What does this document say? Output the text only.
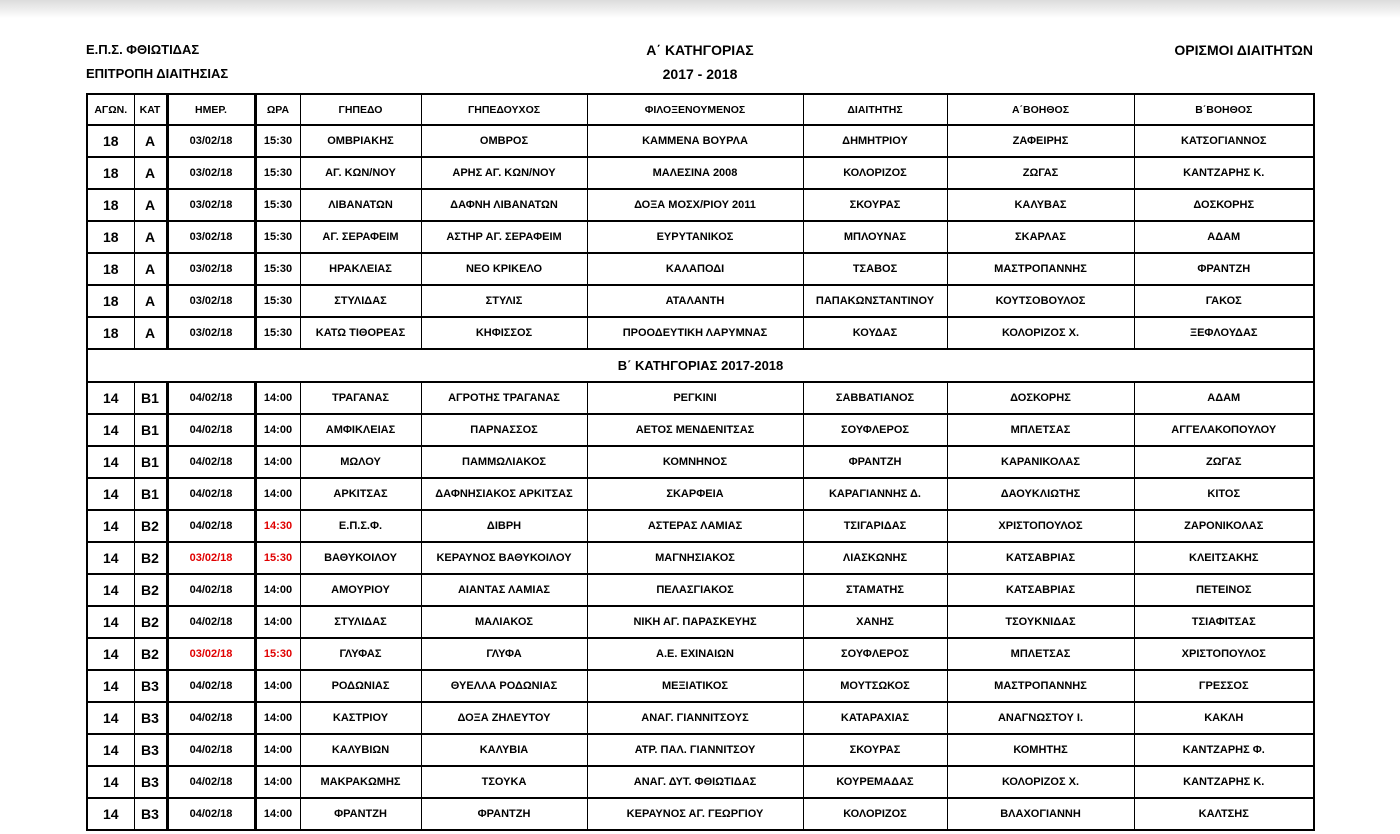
Ε.Π.Σ. ΦΘΙΩΤΙΔΑΣ
ΕΠΙΤΡΟΠΗ ΔΙΑΙΤΗΣΙΑΣ
Α΄ ΚΑΤΗΓΟΡΙΑΣ
2017 - 2018
ΟΡΙΣΜΟΙ ΔΙΑΙΤΗΤΩΝ
ΑΓΩΝ.	ΚΑΤ	ΗΜΕΡ.	ΩΡΑ	ΓΗΠΕΔΟ	ΓΗΠΕΔΟΥΧΟΣ	ΦΙΛΟΞΕΝΟΥΜΕΝΟΣ	ΔΙΑΙΤΗΤΗΣ	Α΄ΒΟΗΘΟΣ	Β΄ΒΟΗΘΟΣ
18	Α	03/02/18	15:30	ΟΜΒΡΙΑΚΗΣ	ΟΜΒΡΟΣ	ΚΑΜΜΕΝΑ ΒΟΥΡΛΑ	ΔΗΜΗΤΡΙΟΥ	ΖΑΦΕΙΡΗΣ	ΚΑΤΣΟΓΙΑΝΝΟΣ
18	Α	03/02/18	15:30	ΑΓ. ΚΩΝ/ΝΟΥ	ΑΡΗΣ ΑΓ. ΚΩΝ/ΝΟΥ	ΜΑΛΕΣΙΝΑ 2008	ΚΟΛΟΡΙΖΟΣ	ΖΩΓΑΣ	ΚΑΝΤΖΑΡΗΣ Κ.
18	Α	03/02/18	15:30	ΛΙΒΑΝΑΤΩΝ	ΔΑΦΝΗ ΛΙΒΑΝΑΤΩΝ	ΔΟΞΑ ΜΟΣΧ/ΡΙΟΥ 2011	ΣΚΟΥΡΑΣ	ΚΑΛΥΒΑΣ	ΔΟΣΚΟΡΗΣ
18	Α	03/02/18	15:30	ΑΓ. ΣΕΡΑΦΕΙΜ	ΑΣΤΗΡ ΑΓ. ΣΕΡΑΦΕΙΜ	ΕΥΡΥΤΑΝΙΚΟΣ	ΜΠΛΟΥΝΑΣ	ΣΚΑΡΛΑΣ	ΑΔΑΜ
18	Α	03/02/18	15:30	ΗΡΑΚΛΕΙΑΣ	ΝΕΟ ΚΡΙΚΕΛΟ	ΚΑΛΑΠΟΔΙ	ΤΣΑΒΟΣ	ΜΑΣΤΡΟΠΑΝΝΗΣ	ΦΡΑΝΤΖΗ
18	Α	03/02/18	15:30	ΣΤΥΛΙΔΑΣ	ΣΤΥΛΙΣ	ΑΤΑΛΑΝΤΗ	ΠΑΠΑΚΩΝΣΤΑΝΤΙΝΟΥ	ΚΟΥΤΣΟΒΟΥΛΟΣ	ΓΑΚΟΣ
18	Α	03/02/18	15:30	ΚΑΤΩ ΤΙΘΟΡΕΑΣ	ΚΗΦΙΣΣΟΣ	ΠΡΟΟΔΕΥΤΙΚΗ ΛΑΡΥΜΝΑΣ	ΚΟΥΔΑΣ	ΚΟΛΟΡΙΖΟΣ Χ.	ΞΕΦΛΟΥΔΑΣ
Β΄ ΚΑΤΗΓΟΡΙΑΣ 2017-2018									
14	Β1	04/02/18	14:00	ΤΡΑΓΑΝΑΣ	ΑΓΡΟΤΗΣ ΤΡΑΓΑΝΑΣ	ΡΕΓΚΙΝΙ	ΣΑΒΒΑΤΙΑΝΟΣ	ΔΟΣΚΟΡΗΣ	ΑΔΑΜ
14	Β1	04/02/18	14:00	ΑΜΦΙΚΛΕΙΑΣ	ΠΑΡΝΑΣΣΟΣ	ΑΕΤΟΣ ΜΕΝΔΕΝΙΤΣΑΣ	ΣΟΥΦΛΕΡΟΣ	ΜΠΛΕΤΣΑΣ	ΑΓΓΕΛΑΚΟΠΟΥΛΟΥ
14	Β1	04/02/18	14:00	ΜΩΛΟΥ	ΠΑΜΜΩΛΙΑΚΟΣ	ΚΟΜΝΗΝΟΣ	ΦΡΑΝΤΖΗ	ΚΑΡΑΝΙΚΟΛΑΣ	ΖΩΓΑΣ
14	Β1	04/02/18	14:00	ΑΡΚΙΤΣΑΣ	ΔΑΦΝΗΣΙΑΚΟΣ ΑΡΚΙΤΣΑΣ	ΣΚΑΡΦΕΙΑ	ΚΑΡΑΓΙΑΝΝΗΣ Δ.	ΔΑΟΥΚΛΙΩΤΗΣ	ΚΙΤΟΣ
14	Β2	04/02/18	14:30	Ε.Π.Σ.Φ.	ΔΙΒΡΗ	ΑΣΤΕΡΑΣ ΛΑΜΙΑΣ	ΤΣΙΓΑΡΙΔΑΣ	ΧΡΙΣΤΟΠΟΥΛΟΣ	ΖΑΡΟΝΙΚΟΛΑΣ
14	Β2	03/02/18	15:30	ΒΑΘΥΚΟΙΛΟΥ	ΚΕΡΑΥΝΟΣ ΒΑΘΥΚΟΙΛΟΥ	ΜΑΓΝΗΣΙΑΚΟΣ	ΛΙΑΣΚΩΝΗΣ	ΚΑΤΣΑΒΡΙΑΣ	ΚΛΕΙΤΣΑΚΗΣ
14	Β2	04/02/18	14:00	ΑΜΟΥΡΙΟΥ	ΑΙΑΝΤΑΣ ΛΑΜΙΑΣ	ΠΕΛΑΣΓΙΑΚΟΣ	ΣΤΑΜΑΤΗΣ	ΚΑΤΣΑΒΡΙΑΣ	ΠΕΤΕΙΝΟΣ
14	Β2	04/02/18	14:00	ΣΤΥΛΙΔΑΣ	ΜΑΛΙΑΚΟΣ	ΝΙΚΗ ΑΓ. ΠΑΡΑΣΚΕΥΗΣ	ΧΑΝΗΣ	ΤΣΟΥΚΝΙΔΑΣ	ΤΣΙΑΦΙΤΣΑΣ
14	Β2	03/02/18	15:30	ΓΛΥΦΑΣ	ΓΛΥΦΑ	Α.Ε. ΕΧΙΝΑΙΩΝ	ΣΟΥΦΛΕΡΟΣ	ΜΠΛΕΤΣΑΣ	ΧΡΙΣΤΟΠΟΥΛΟΣ
14	Β3	04/02/18	14:00	ΡΟΔΩΝΙΑΣ	ΘΥΕΛΛΑ ΡΟΔΩΝΙΑΣ	ΜΕΞΙΑΤΙΚΟΣ	ΜΟΥΤΣΩΚΟΣ	ΜΑΣΤΡΟΠΑΝΝΗΣ	ΓΡΕΣΣΟΣ
14	Β3	04/02/18	14:00	ΚΑΣΤΡΙΟΥ	ΔΟΞΑ ΖΗΛΕΥΤΟΥ	ΑΝΑΓ. ΓΙΑΝΝΙΤΣΟΥΣ	ΚΑΤΑΡΑΧΙΑΣ	ΑΝΑΓΝΩΣΤΟΥ Ι.	ΚΑΚΛΗ
14	Β3	04/02/18	14:00	ΚΑΛΥΒΙΩΝ	ΚΑΛΥΒΙΑ	ΑΤΡ. ΠΑΛ. ΓΙΑΝΝΙΤΣΟΥ	ΣΚΟΥΡΑΣ	ΚΟΜΗΤΗΣ	ΚΑΝΤΖΑΡΗΣ Φ.
14	Β3	04/02/18	14:00	ΜΑΚΡΑΚΩΜΗΣ	ΤΣΟΥΚΑ	ΑΝΑΓ. ΔΥΤ. ΦΘΙΩΤΙΔΑΣ	ΚΟΥΡΕΜΑΔΑΣ	ΚΟΛΟΡΙΖΟΣ Χ.	ΚΑΝΤΖΑΡΗΣ Κ.
14	Β3	04/02/18	14:00	ΦΡΑΝΤΖΗ	ΦΡΑΝΤΖΗ	ΚΕΡΑΥΝΟΣ ΑΓ. ΓΕΩΡΓΙΟΥ	ΚΟΛΟΡΙΖΟΣ	ΒΛΑΧΟΓΙΑΝΝΗ	ΚΑΛΤΣΗΣ
